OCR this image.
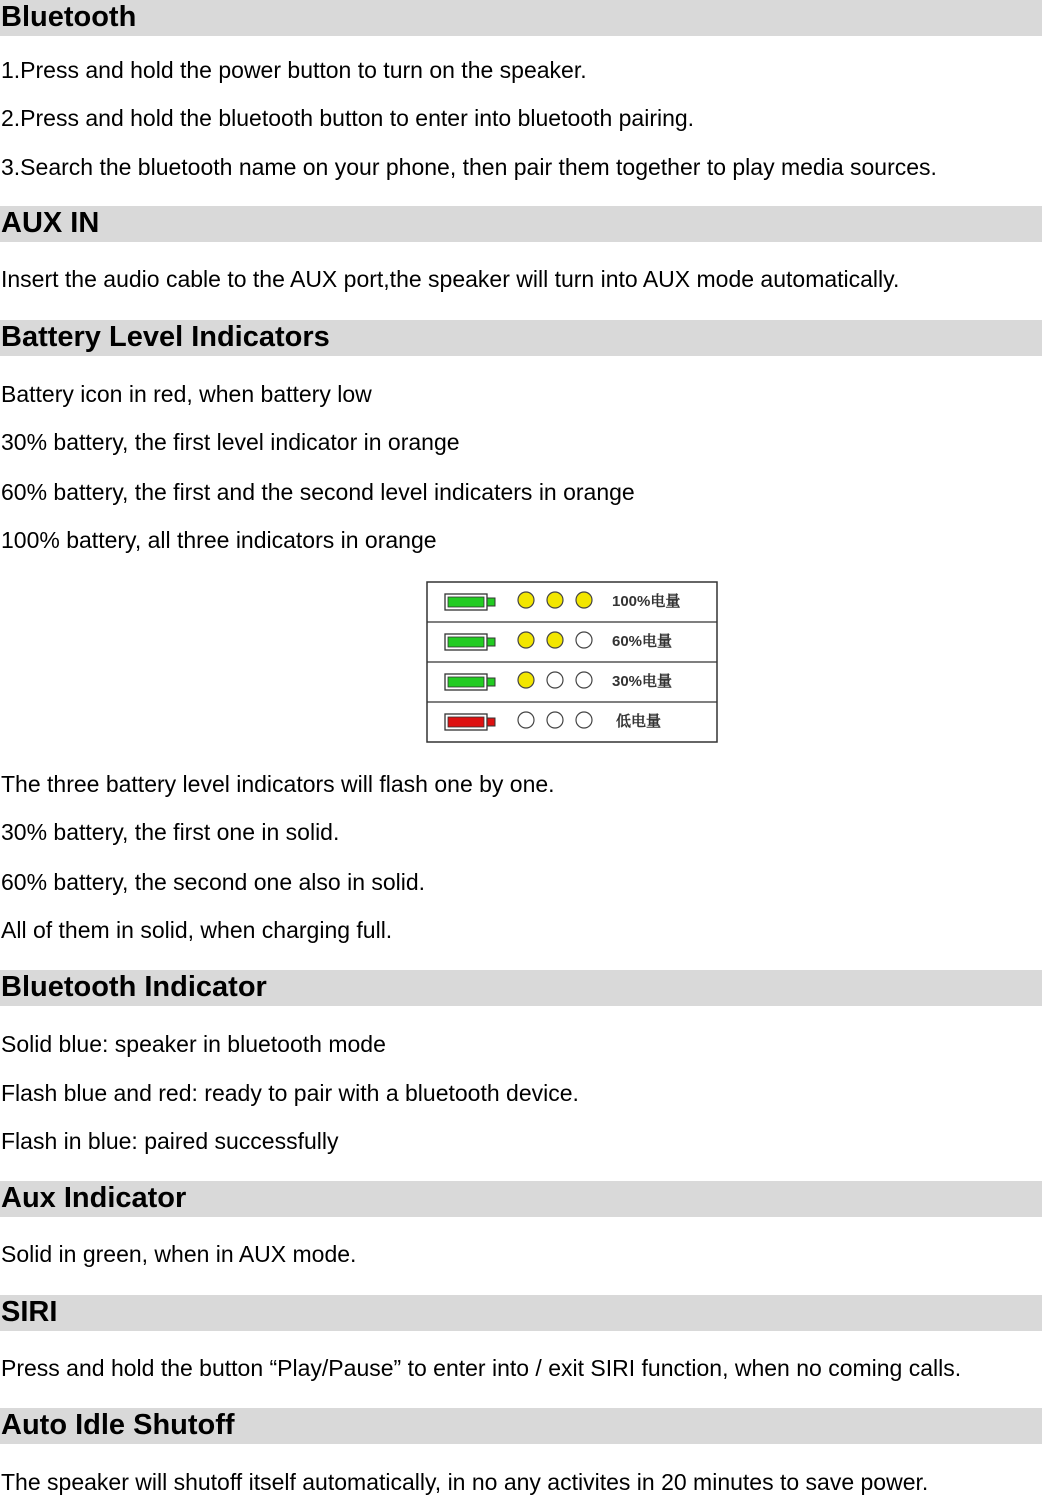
Bluetooth
1.Press and hold the power button to turn on the speaker.
2.Press and hold the bluetooth button to enter into bluetooth pairing.
3.Search the bluetooth name on your phone, then pair them together to play media sources.
AUX IN
Insert the audio cable to the AUX port,the speaker will turn into AUX mode automatically.
Battery Level Indicators
Battery icon in red, when battery low
30% battery, the first level indicator in orange
60% battery, the first and the second level indicaters in orange
100% battery, all three indicators in orange
100%电量
60%电量
30%电量
低电量
The three battery level indicators will flash one by one.
30% battery, the first one in solid.
60% battery, the second one also in solid.
All of them in solid, when charging full.
Bluetooth Indicator
Solid blue: speaker in bluetooth mode
Flash blue and red: ready to pair with a bluetooth device.
Flash in blue: paired successfully
Aux Indicator
Solid in green, when in AUX mode.
SIRI
Press and hold the button “Play/Pause” to enter into / exit SIRI function, when no coming calls.
Auto Idle Shutoff
The speaker will shutoff itself automatically, in no any activites in 20 minutes to save power.
